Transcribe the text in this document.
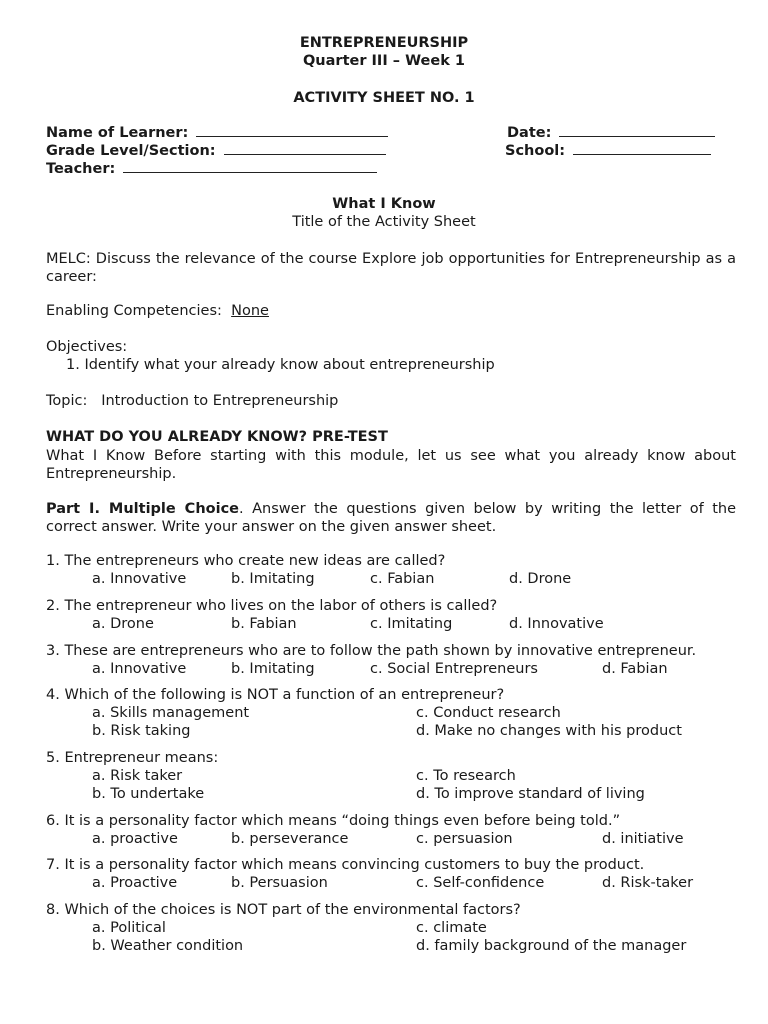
ENTREPRENEURSHIP
Quarter III – Week 1
ACTIVITY SHEET NO. 1
Name of Learner:
Grade Level/Section:
Teacher:
Date:
School:
What I Know
Title of the Activity Sheet
MELC: Discuss the relevance of the course Explore job opportunities for Entrepreneurship as a career:
Enabling Competencies: None
Objectives:
1. Identify what your already know about entrepreneurship
Topic: Introduction to Entrepreneurship
WHAT DO YOU ALREADY KNOW? PRE-TEST
What I Know Before starting with this module, let us see what you already know about Entrepreneurship.
Part I. Multiple Choice. Answer the questions given below by writing the letter of the correct answer. Write your answer on the given answer sheet.
1. The entrepreneurs who create new ideas are called?
a. Innovative	b. Imitating	c. Fabian	d. Drone
2. The entrepreneur who lives on the labor of others is called?
a. Drone	b. Fabian	c. Imitating	d. Innovative
3. These are entrepreneurs who are to follow the path shown by innovative entrepreneur.
a. Innovative	b. Imitating	c. Social Entrepreneurs	d. Fabian
4. Which of the following is NOT a function of an entrepreneur?
a. Skills management
b. Risk taking
c. Conduct research
d. Make no changes with his product
5. Entrepreneur means:
a. Risk taker
b. To undertake
c. To research
d. To improve standard of living
6. It is a personality factor which means “doing things even before being told.”
a. proactive	b. perseverance	c. persuasion	d. initiative
7. It is a personality factor which means convincing customers to buy the product.
a. Proactive	b. Persuasion	c. Self-confidence	d. Risk-taker
8. Which of the choices is NOT part of the environmental factors?
a. Political
b. Weather condition
c. climate
d. family background of the manager
